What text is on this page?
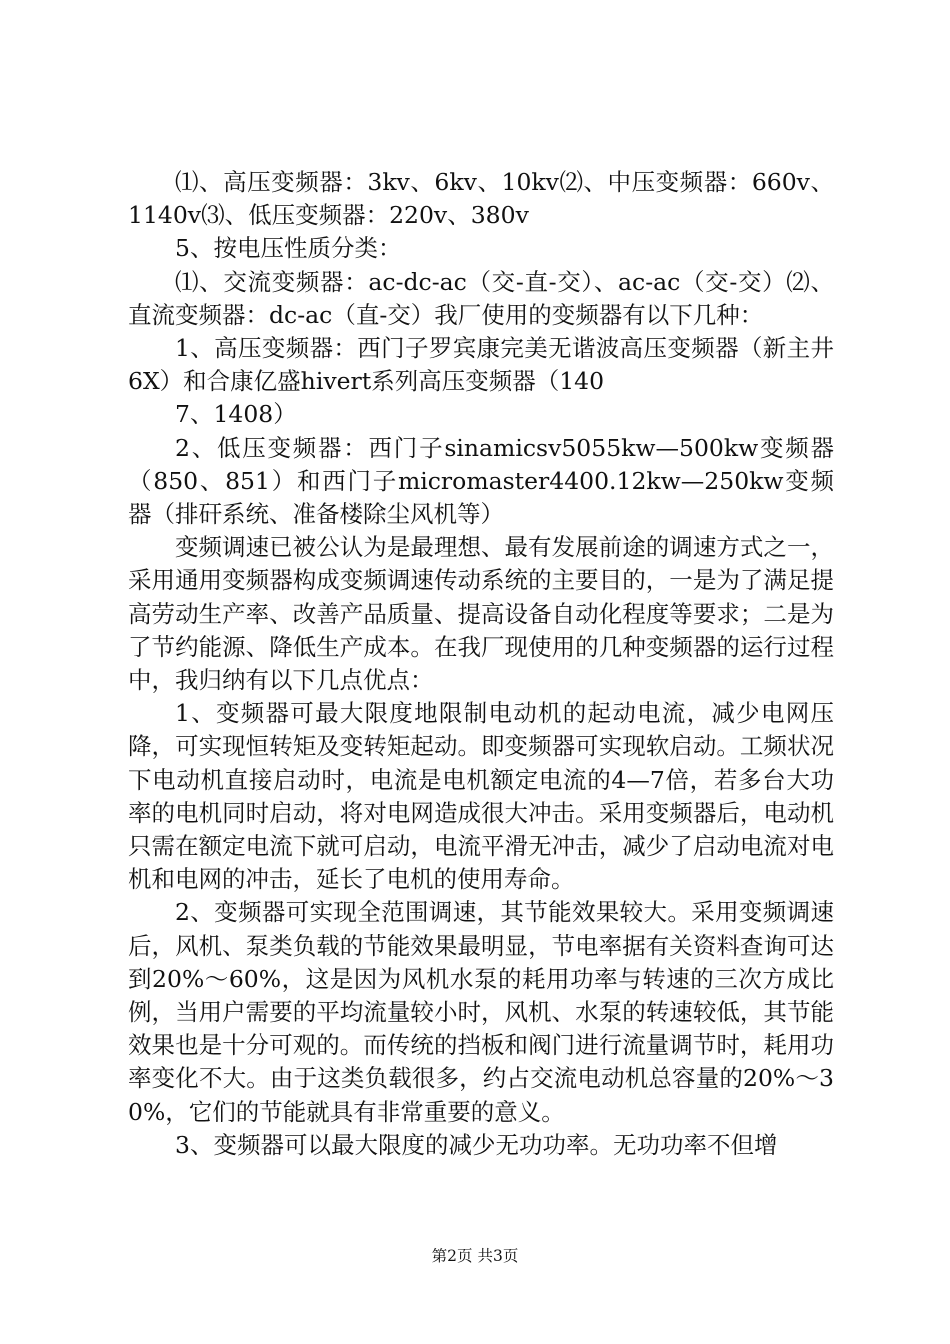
⑴、高压变频器：3kv、6kv、10kv⑵、中压变频器：660v、1140v⑶、低压变频器：220v、380v

5、按电压性质分类：

⑴、交流变频器：ac-dc-ac（交-直-交）、ac-ac（交-交）⑵、直流变频器：dc-ac（直-交）我厂使用的变频器有以下几种：

1、高压变频器：西门子罗宾康完美无谐波高压变频器（新主井6X）和合康亿盛hivert系列高压变频器（140

7、1408）

2、低压变频器：西门子sinamicsv5055kw—500kw变频器（850、851）和西门子micromaster4400.12kw—250kw变频器（排矸系统、准备楼除尘风机等）

变频调速已被公认为是最理想、最有发展前途的调速方式之一，采用通用变频器构成变频调速传动系统的主要目的，一是为了满足提高劳动生产率、改善产品质量、提高设备自动化程度等要求；二是为了节约能源、降低生产成本。在我厂现使用的几种变频器的运行过程中，我归纳有以下几点优点：

1、变频器可最大限度地限制电动机的起动电流，减少电网压降，可实现恒转矩及变转矩起动。即变频器可实现软启动。工频状况下电动机直接启动时，电流是电机额定电流的4—7倍，若多台大功率的电机同时启动，将对电网造成很大冲击。采用变频器后，电动机只需在额定电流下就可启动，电流平滑无冲击，减少了启动电流对电机和电网的冲击，延长了电机的使用寿命。

2、变频器可实现全范围调速，其节能效果较大。采用变频调速后，风机、泵类负载的节能效果最明显，节电率据有关资料查询可达到20%～60%，这是因为风机水泵的耗用功率与转速的三次方成比例，当用户需要的平均流量较小时，风机、水泵的转速较低，其节能效果也是十分可观的。而传统的挡板和阀门进行流量调节时，耗用功率变化不大。由于这类负载很多，约占交流电动机总容量的20%～30%，它们的节能就具有非常重要的意义。

3、变频器可以最大限度的减少无功功率。无功功率不但增

第2页 共3页
